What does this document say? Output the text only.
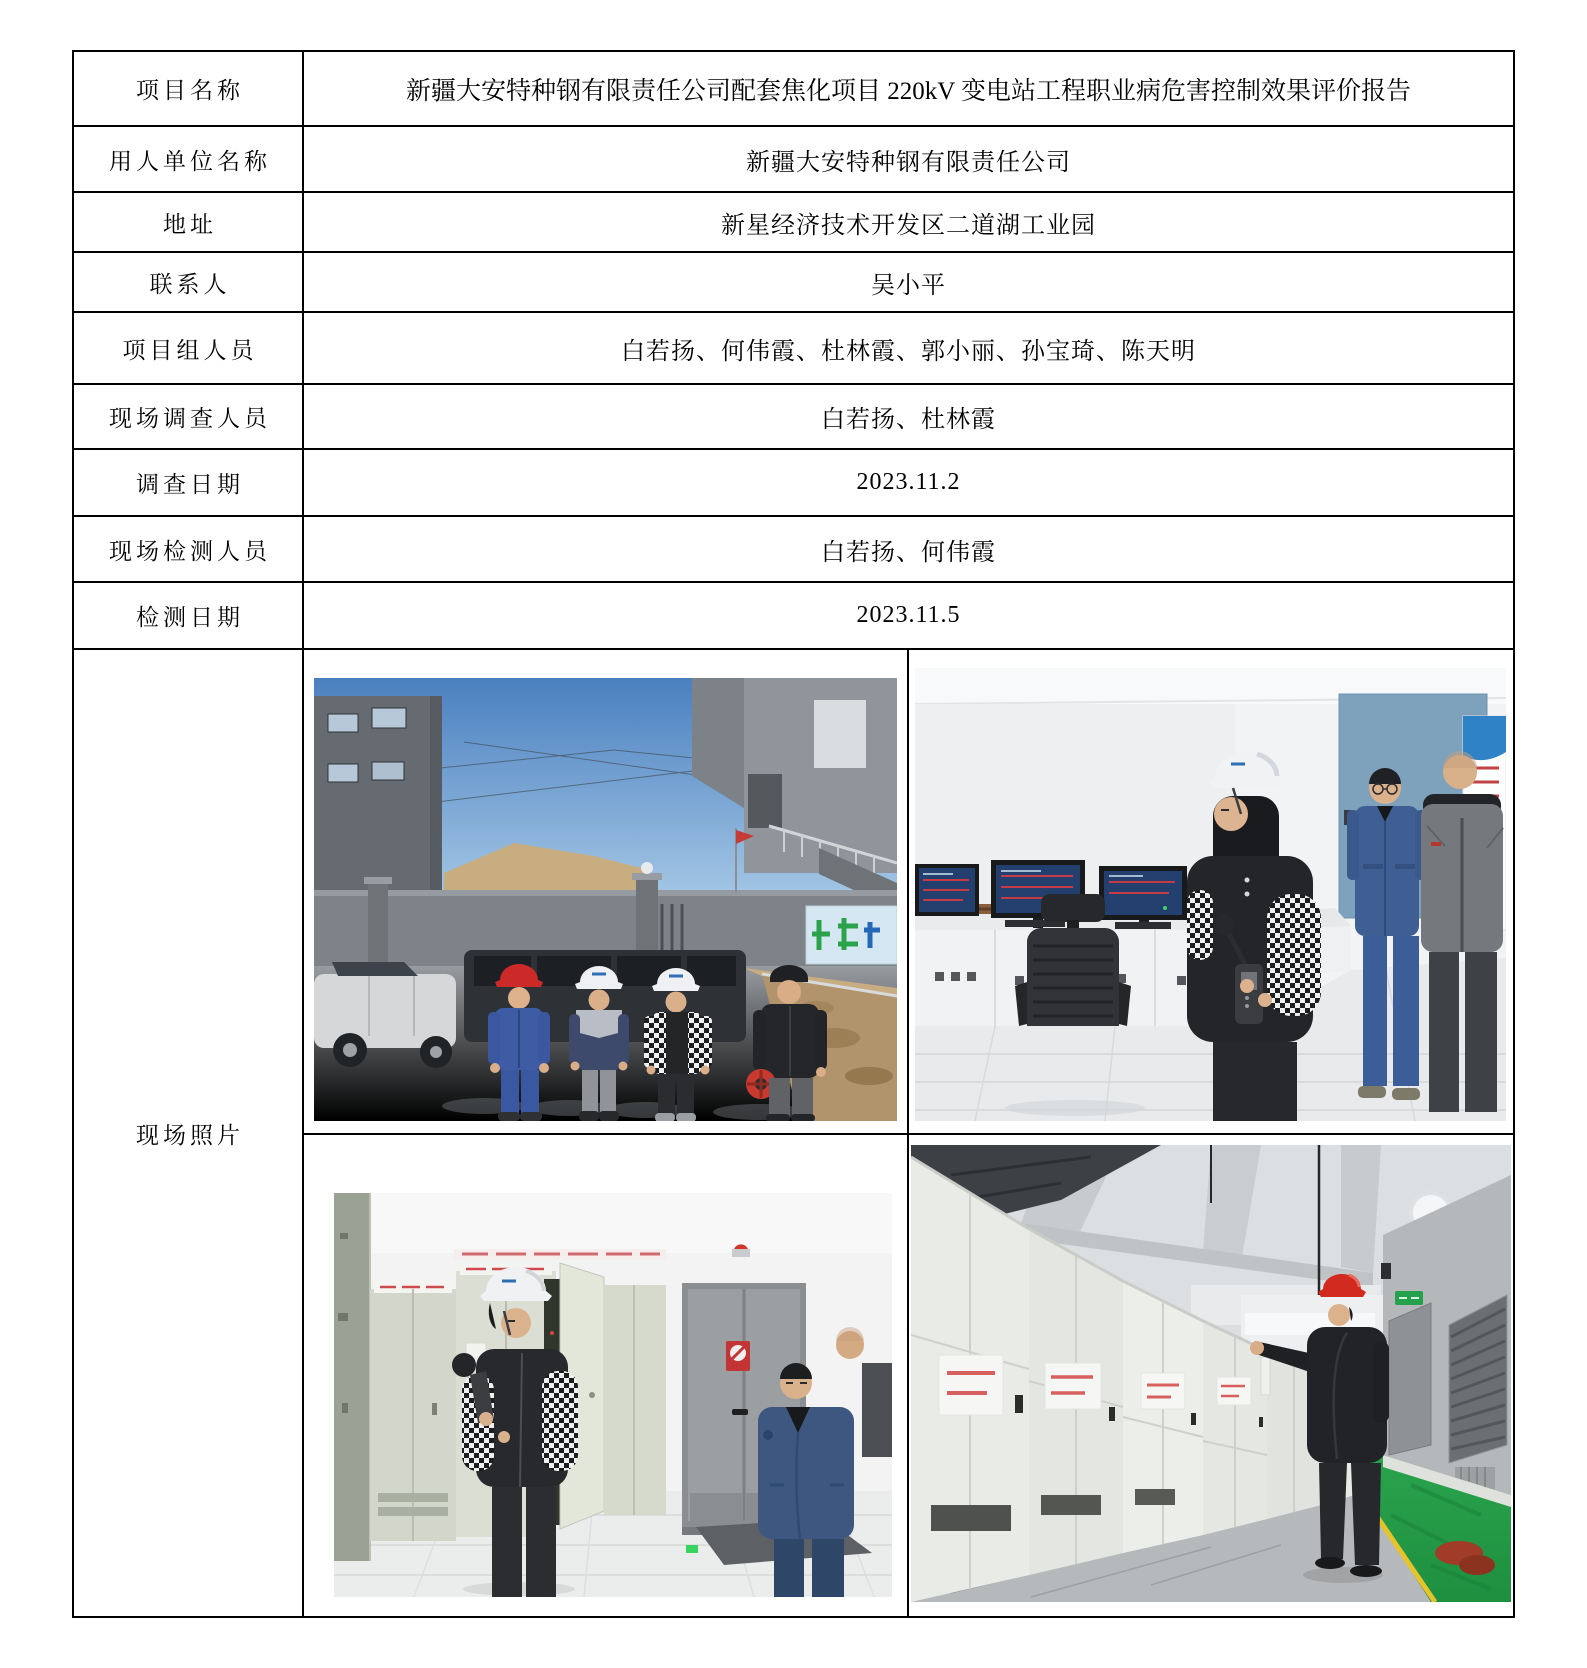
项目名称	新疆大安特种钢有限责任公司配套焦化项目 220kV 变电站工程职业病危害控制效果评价报告
用人单位名称	新疆大安特种钢有限责任公司
地址	新星经济技术开发区二道湖工业园
联系人	吴小平
项目组人员	白若扬、何伟霞、杜林霞、郭小丽、孙宝琦、陈天明
现场调查人员	白若扬、杜林霞
调查日期	2023.11.2
现场检测人员	白若扬、何伟霞
检测日期	2023.11.5
现场照片
